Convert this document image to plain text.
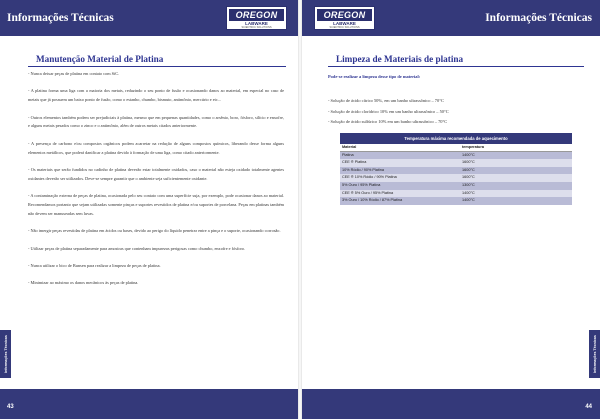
Informações Técnicas	OREGON
LABWARE
SCIENTIFIC SOLUTIONS
Manutenção Material de Platina

- Nunca deixar peças de platina em contato com SiC.

- A platina forma uma liga com a maioria dos metais, reduzindo o seu ponto de fusão e ocasionando danos ao material, em especial no caso de metais que já possuem um baixo ponto de fusão, como o estanho, chumbo, bismuto, antimônio, mercúrio e etc...

- Outros elementos também podem ser prejudiciais à platina, mesmo que em pequenas quantidades, como o arsênio, boro, fósforo, silício e enxofre, e alguns metais pesados como o zinco e o antimônio, além de outros metais citados anteriormente.

- A presença de carbono e/ou compostos orgânicos podem acarretar na redução de alguns compostos químicos, liberando desse forma alguns elementos metálicos, que poderá danificar a platina devido à formação de uma liga, como citado anteriormente.

- Os materiais que serão fundidos no cadinho de platina deverão estar totalmente oxidados, caso o material não esteja oxidado totalmente agentes oxidantes deverão ser utilizados. Deve-se sempre garantir que o ambiente seja suficientemente oxidante.

- A contaminação externa de peças de platina, ocasionada pelo seu contato com uma superfície suja, por exemplo, pode ocasionar danos ao material. Recomendamos portanto que sejam utilizadas somente pinças e suportes revestidos de platina e/ou suportes de porcelana. Peças em platinas também não devem ser manuseadas sem luvas.

- Não imergir peças revestidas de platina em ácidos ou bases, devido ao perigo do líquido penetrar entre a pinça e o suporte, ocasionando corrosão.

- Utilizar peças de platina separadamente para amostras que contenham impurezas perigosas como chumbo, enxofre e fósforo.

- Nunca utilizar o bico de Bunsen para realizar a limpeza de peças de platina.

- Minimizar ao máximo os danos mecânicos às peças de platina.

Informações Técnicas
43
OREGON
LABWARE
SCIENTIFIC SOLUTIONS
Informações Técnicas
Limpeza de Materiais de platina
Pode-se realizar a limpeza desse tipo de material:
- Solução de ácido cítrico 50%, em um banho ultrassônico – 70°C
- Solução de ácido clorídrico 10% em um banho ultrassônico – 50°C
- Solução de ácido sulfúrico 10% em um banho ultrassônico – 70°C
Temperatura máxima recomendada de aquecimento
Material	temperatura
Platina	1400°C
CEE ® Platina	1600°C
10% Ródio / 90% Platina	1600°C
CEE ® 10% Ródio / 90% Platina	1600°C
5% Ouro / 95% Platina	1300°C
CEE ® 5% Ouro / 95% Platina	1400°C
3% Ouro / 10% Ródio / 87% Platina	1400°C
Informações Técnicas
44
